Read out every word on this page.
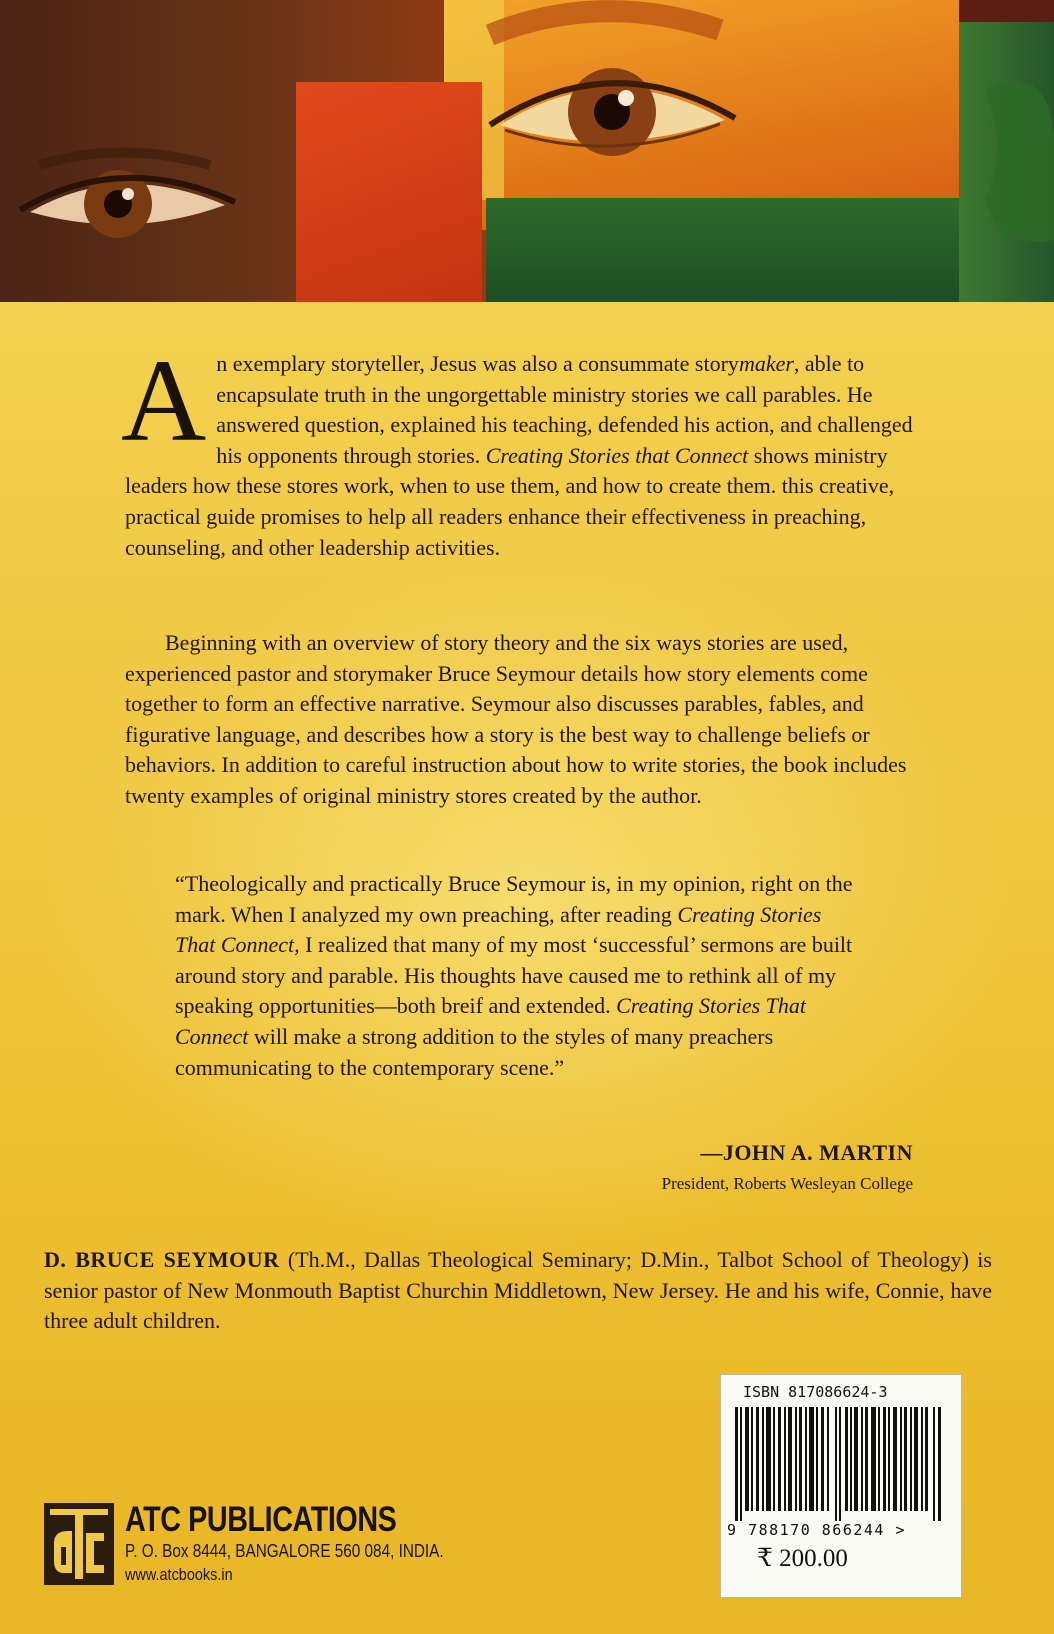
An exemplary storyteller, Jesus was also a consummate storymaker, able to encapsulate truth in the ungorgettable ministry stories we call parables. He answered question, explained his teaching, defended his action, and challenged his opponents through stories. Creating Stories that Connect shows ministry leaders how these stores work, when to use them, and how to create them. this creative, practical guide promises to help all readers enhance their effectiveness in preaching, counseling, and other leadership activities.
Beginning with an overview of story theory and the six ways stories are used, experienced pastor and storymaker Bruce Seymour details how story elements come together to form an effective narrative. Seymour also discusses parables, fables, and figurative language, and describes how a story is the best way to challenge beliefs or behaviors. In addition to careful instruction about how to write stories, the book includes twenty examples of original ministry stores created by the author.
“Theologically and practically Bruce Seymour is, in my opinion, right on the mark. When I analyzed my own preaching, after reading Creating Stories That Connect, I realized that many of my most ‘successful’ sermons are built around story and parable. His thoughts have caused me to rethink all of my speaking opportunities—both breif and extended. Creating Stories That Connect will make a strong addition to the styles of many preachers communicating to the contemporary scene.”
—JOHN A. MARTIN
President, Roberts Wesleyan College
D. BRUCE SEYMOUR (Th.M., Dallas Theological Seminary; D.Min., Talbot School of Theology) is senior pastor of New Monmouth Baptist Churchin Middletown, New Jersey. He and his wife, Connie, have three adult children.
ISBN 817086624-3
9 788170 866244 >
₹ 200.00
atc
ATC PUBLICATIONS
P. O. Box 8444, BANGALORE 560 084, INDIA.
www.atcbooks.in
